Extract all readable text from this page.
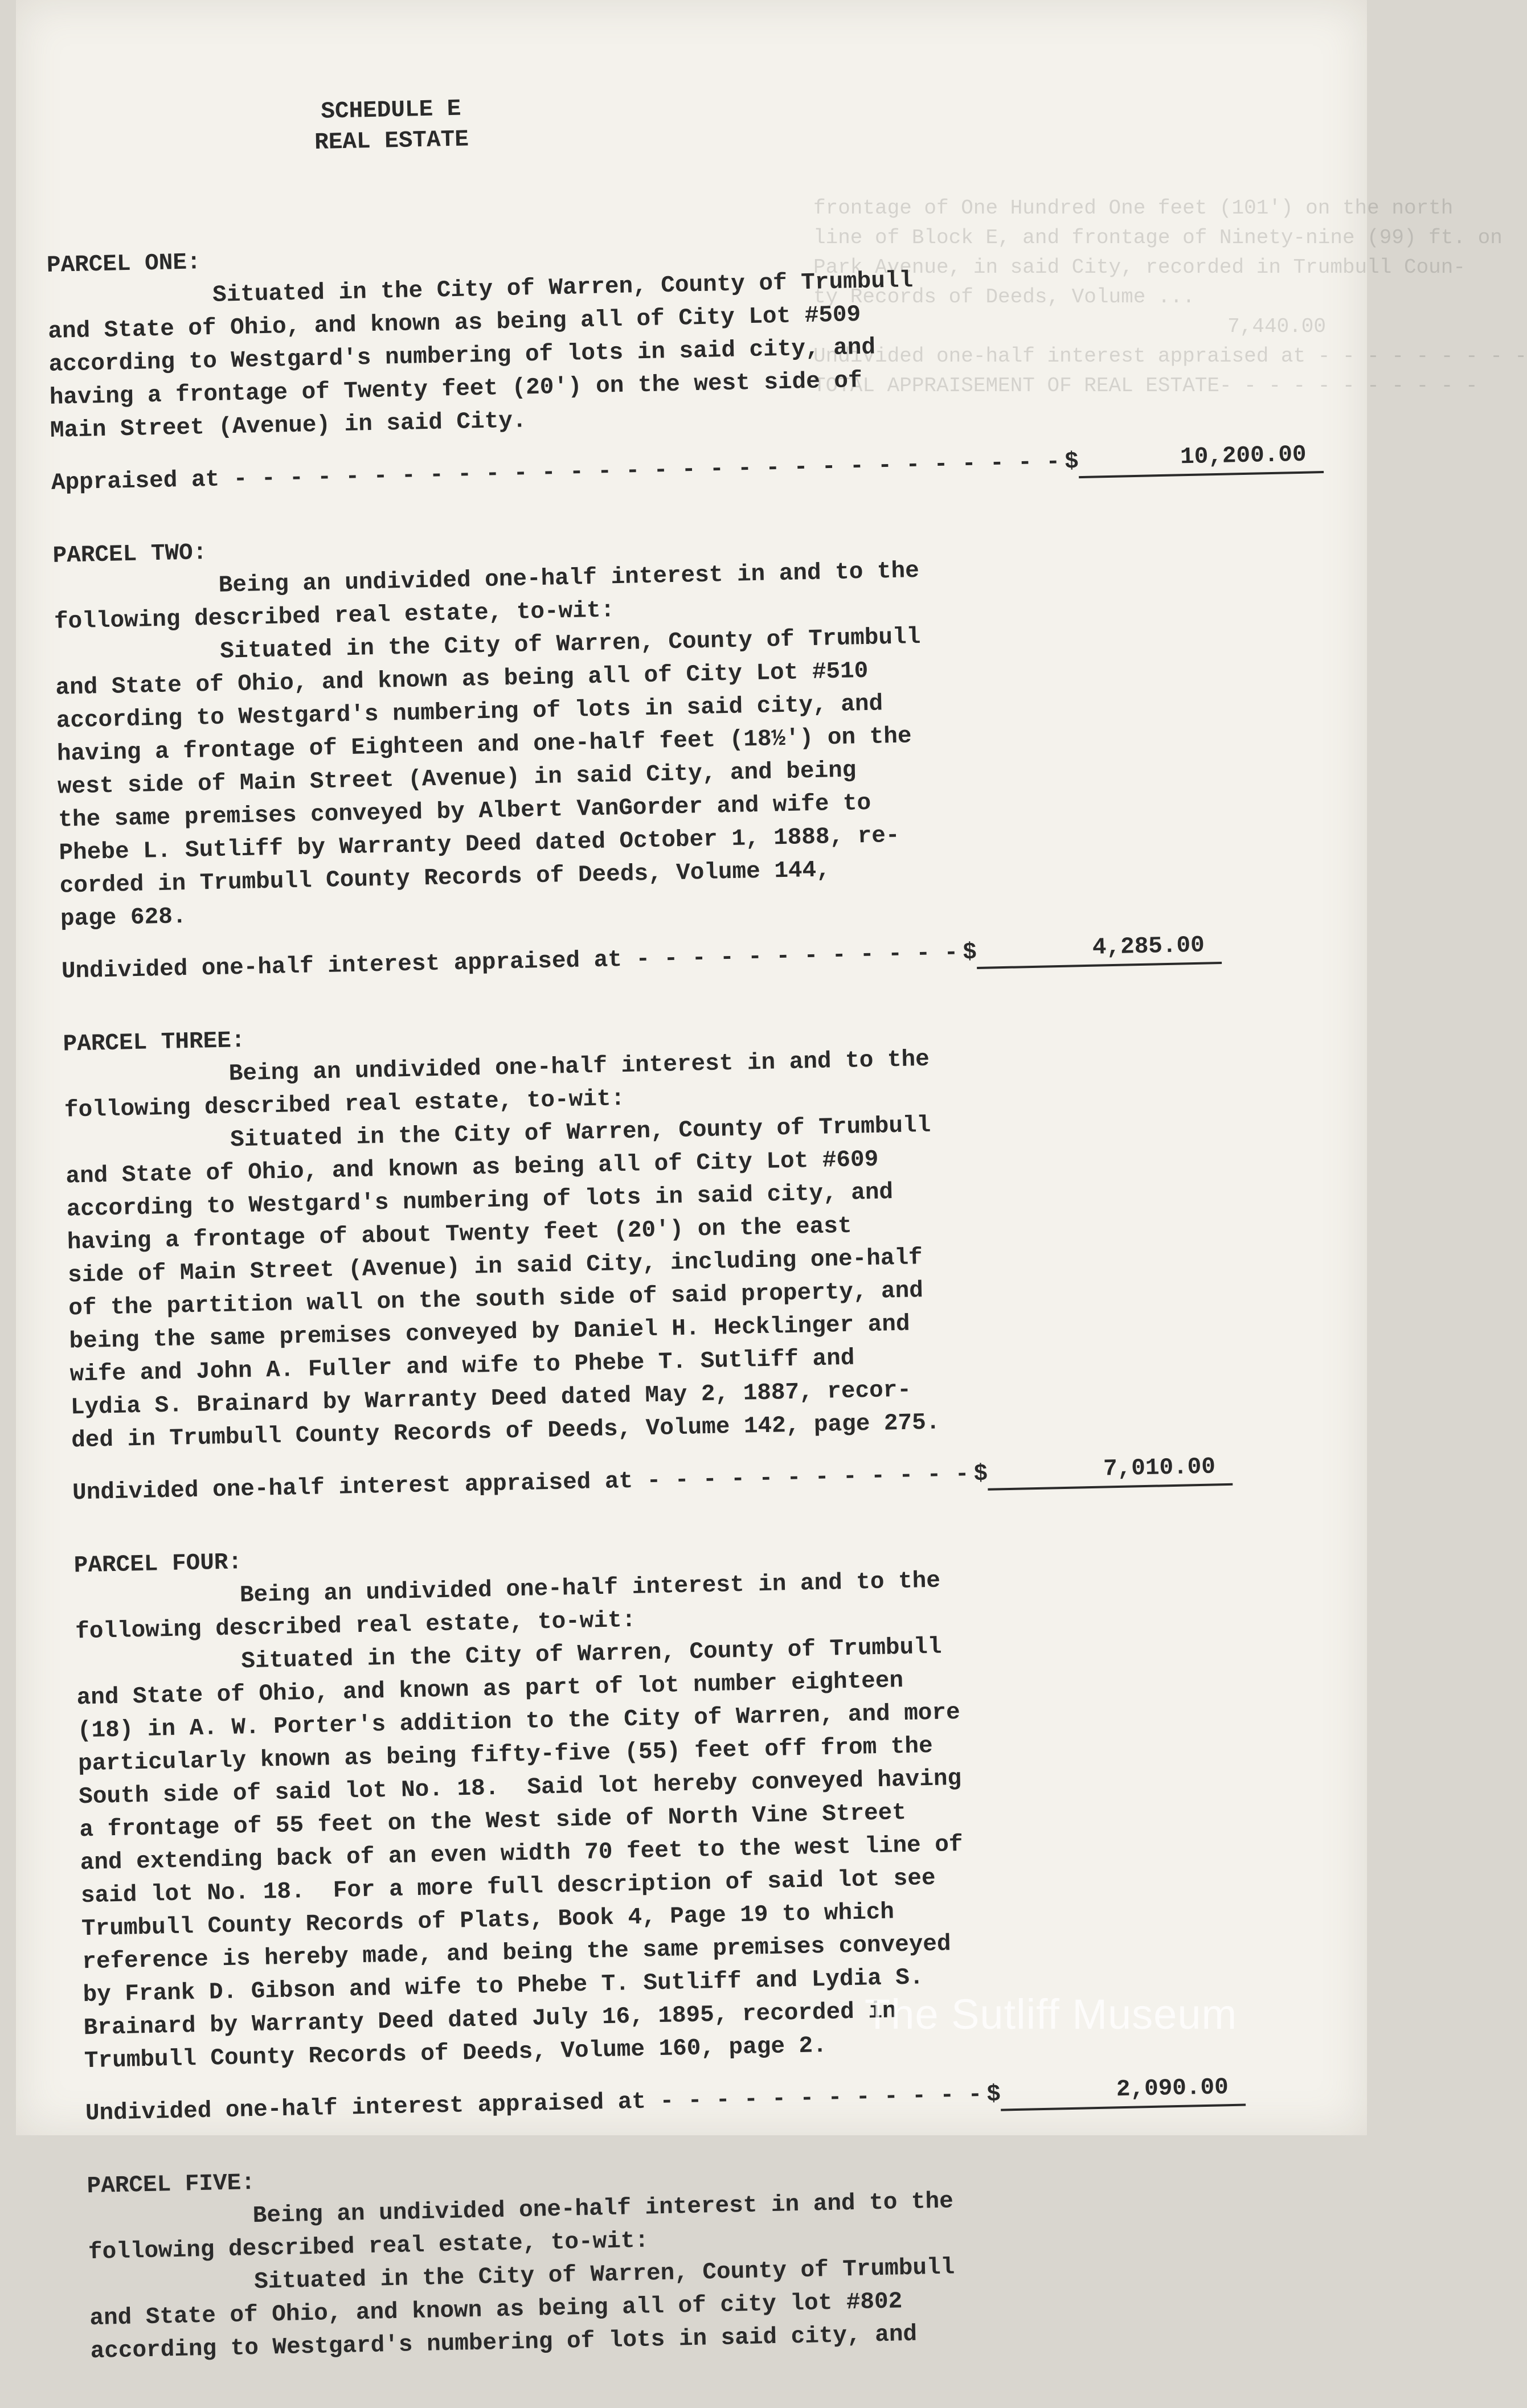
frontage of One Hundred One feet (101') on the north
line of Block E, and frontage of Ninety-nine (99) ft. on
Park Avenue, in said City, recorded in Trumbull Coun-
ty Records of Deeds, Volume ...
7,440.00
Undivided one-half interest appraised at - - - - - - - - -
TOTAL APPRAISEMENT OF REAL ESTATE- - - - - - - - - - -
SCHEDULE E
REAL ESTATE
PARCEL ONE:
Situated in the City of Warren, County of Trumbull
and State of Ohio, and known as being all of City Lot #509
according to Westgard's numbering of lots in said city, and
having a frontage of Twenty feet (20') on the west side of
Main Street (Avenue) in said City.
Appraised at - - - - - - - - - - - - - - - - - - - - - - - - - - - - - - $	10,200.00
PARCEL TWO:
Being an undivided one-half interest in and to the
following described real estate, to-wit:
Situated in the City of Warren, County of Trumbull
and State of Ohio, and known as being all of City Lot #510
according to Westgard's numbering of lots in said city, and
having a frontage of Eighteen and one-half feet (18½') on the
west side of Main Street (Avenue) in said City, and being
the same premises conveyed by Albert VanGorder and wife to
Phebe L. Sutliff by Warranty Deed dated October 1, 1888, re-
corded in Trumbull County Records of Deeds, Volume 144,
page 628.
Undivided one-half interest appraised at - - - - - - - - - - - - $	4,285.00
PARCEL THREE:
Being an undivided one-half interest in and to the
following described real estate, to-wit:
Situated in the City of Warren, County of Trumbull
and State of Ohio, and known as being all of City Lot #609
according to Westgard's numbering of lots in said city, and
having a frontage of about Twenty feet (20') on the east
side of Main Street (Avenue) in said City, including one-half
of the partition wall on the south side of said property, and
being the same premises conveyed by Daniel H. Hecklinger and
wife and John A. Fuller and wife to Phebe T. Sutliff and
Lydia S. Brainard by Warranty Deed dated May 2, 1887, recor-
ded in Trumbull County Records of Deeds, Volume 142, page 275.
Undivided one-half interest appraised at - - - - - - - - - - - - $	7,010.00
PARCEL FOUR:
Being an undivided one-half interest in and to the
following described real estate, to-wit:
Situated in the City of Warren, County of Trumbull
and State of Ohio, and known as part of lot number eighteen
(18) in A. W. Porter's addition to the City of Warren, and more
particularly known as being fifty-five (55) feet off from the
South side of said lot No. 18.  Said lot hereby conveyed having
a frontage of 55 feet on the West side of North Vine Street
and extending back of an even width 70 feet to the west line of
said lot No. 18.  For a more full description of said lot see
Trumbull County Records of Plats, Book 4, Page 19 to which
reference is hereby made, and being the same premises conveyed
by Frank D. Gibson and wife to Phebe T. Sutliff and Lydia S.
Brainard by Warranty Deed dated July 16, 1895, recorded in
Trumbull County Records of Deeds, Volume 160, page 2.
Undivided one-half interest appraised at - - - - - - - - - - - - $	2,090.00
PARCEL FIVE:
Being an undivided one-half interest in and to the
following described real estate, to-wit:
Situated in the City of Warren, County of Trumbull
and State of Ohio, and known as being all of city lot #802
according to Westgard's numbering of lots in said city, and
The Sutliff Museum
